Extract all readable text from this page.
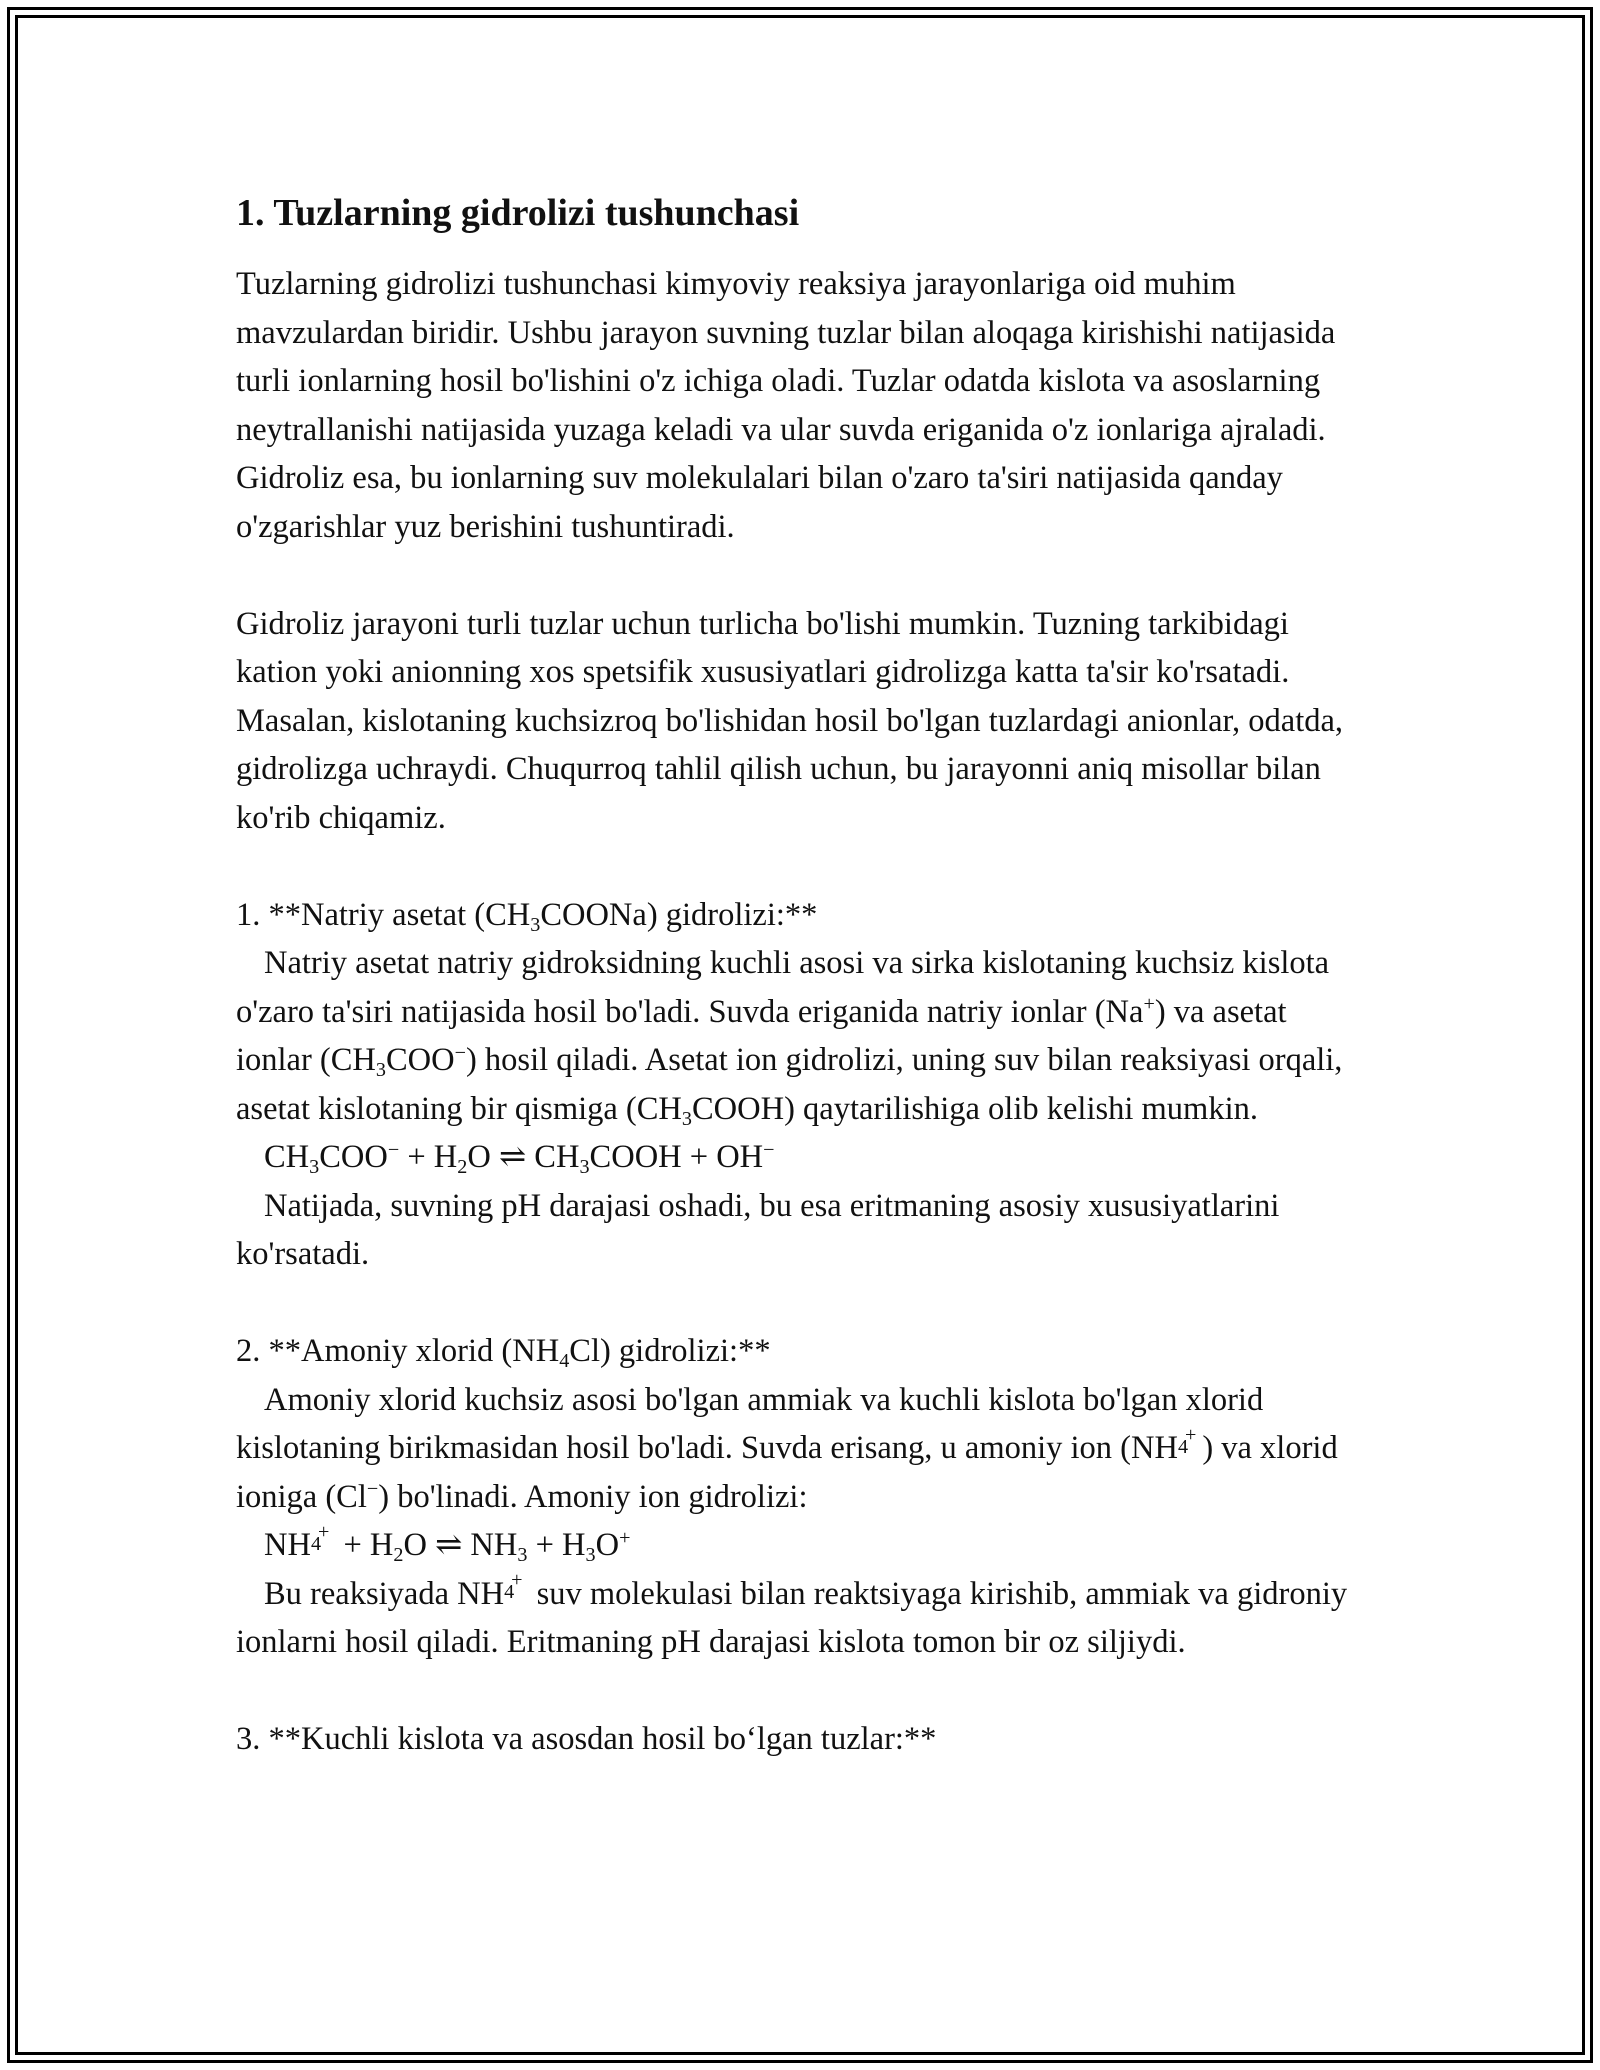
1. Tuzlarning gidrolizi tushunchasi

Tuzlarning gidrolizi tushunchasi kimyoviy reaksiya jarayonlariga oid muhim mavzulardan biridir. Ushbu jarayon suvning tuzlar bilan aloqaga kirishishi natijasida turli ionlarning hosil bo'lishini o'z ichiga oladi. Tuzlar odatda kislota va asoslarning neytrallanishi natijasida yuzaga keladi va ular suvda eriganida o'z ionlariga ajraladi. Gidroliz esa, bu ionlarning suv molekulalari bilan o'zaro ta'siri natijasida qanday o'zgarishlar yuz berishini tushuntiradi.

Gidroliz jarayoni turli tuzlar uchun turlicha bo'lishi mumkin. Tuzning tarkibidagi kation yoki anionning xos spetsifik xususiyatlari gidrolizga katta ta'sir ko'rsatadi. Masalan, kislotaning kuchsizroq bo'lishidan hosil bo'lgan tuzlardagi anionlar, odatda, gidrolizga uchraydi. Chuqurroq tahlil qilish uchun, bu jarayonni aniq misollar bilan ko'rib chiqamiz.

1. **Natriy asetat $(CH_3COONa)$ gidrolizi:**

Natriy asetat natriy gidroksidning kuchli asosi va sirka kislotaning kuchsiz kislota o'zaro ta'siri natijasida hosil bo'ladi. Suvda eriganida natriy ionlar (Na+) va asetat ionlar $(CH_3COO^-)$ hosil qiladi. Asetat ion gidrolizi, uning suv bilan reaksiyasi orqali, asetat kislotaning bir qismiga $(CH_3COOH)$ qaytarilishiga olib kelishi mumkin.

$CH_3COO^- + H_2O$ ⇌ $CH_3COOH + OH^-$

Natijada, suvning pH darajasi oshadi, bu esa eritmaning asosiy xususiyatlarini ko'rsatadi.

2. **Amoniy xlorid $(NH_4Cl)$ gidrolizi:**

Amoniy xlorid kuchsiz asosi bo'lgan ammiak va kuchli kislota bo'lgan xlorid kislotaning birikmasidan hosil bo'ladi. Suvda erisang, u amoniy ion (NH 4
+ ) va xlorid ioniga (Cl−) bo'linadi. Amoniy ion gidrolizi:

NH 4
+ + $H_2O$ ⇌ $NH_3 + H_3O^+$

Bu reaksiyada NH 4
+ suv molekulasi bilan reaktsiyaga kirishib, ammiak va gidroniy ionlarni hosil qiladi. Eritmaning pH darajasi kislota tomon bir oz siljiydi.

3. **Kuchli kislota va asosdan hosil bo‘lgan tuzlar:**
